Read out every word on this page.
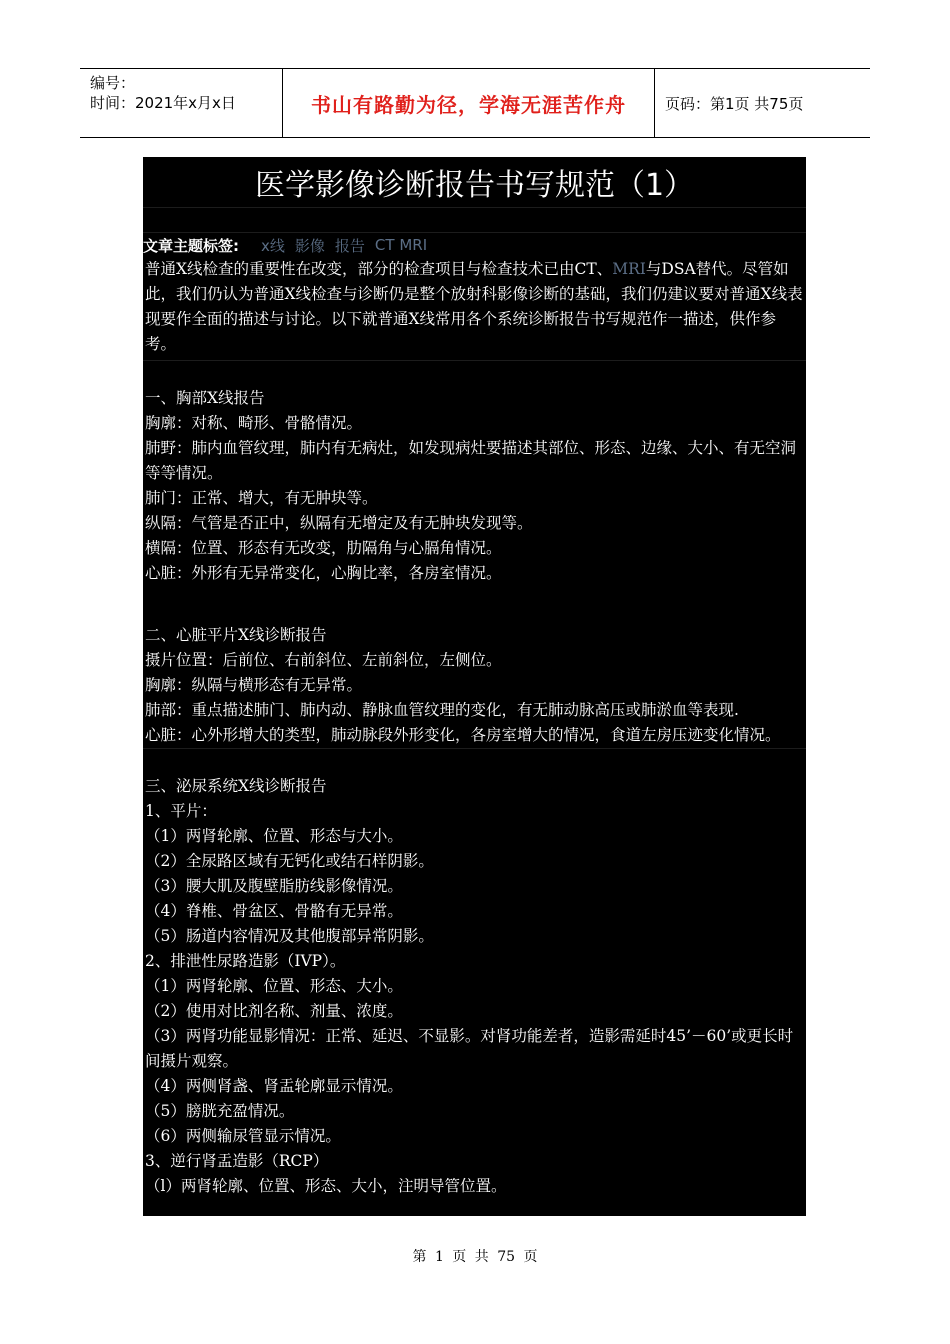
编号：
时间：2021年x月x日	书山有路勤为径，学海无涯苦作舟	页码：第1页 共75页
医学影像诊断报告书写规范（1）
文章主题标签: x线 影像 报告 CT MRI
普通X线检查的重要性在改变，部分的检查项目与检查技术已由CT、MRI与DSA替代。尽管如此，我们仍认为普通X线检查与诊断仍是整个放射科影像诊断的基础，我们仍建议要对普通X线表现要作全面的描述与讨论。以下就普通X线常用各个系统诊断报告书写规范作一描述，供作参考。
一、胸部X线报告
胸廓：对称、畸形、骨骼情况。
肺野：肺内血管纹理，肺内有无病灶，如发现病灶要描述其部位、形态、边缘、大小、有无空洞等等情况。
肺门：正常、增大，有无肿块等。
纵隔：气管是否正中，纵隔有无增定及有无肿块发现等。
横隔：位置、形态有无改变，肋隔角与心膈角情况。
心脏：外形有无异常变化，心胸比率，各房室情况。
二、心脏平片X线诊断报告
摄片位置：后前位、右前斜位、左前斜位，左侧位。
胸廓：纵隔与横形态有无异常。
肺部：重点描述肺门、肺内动、静脉血管纹理的变化，有无肺动脉高压或肺淤血等表现.
心脏：心外形增大的类型，肺动脉段外形变化，各房室增大的情况，食道左房压迹变化情况。
三、泌尿系统X线诊断报告
1、平片：
（1）两肾轮廓、位置、形态与大小。
（2）全尿路区域有无钙化或结石样阴影。
（3）腰大肌及腹壁脂肪线影像情况。
（4）脊椎、骨盆区、骨骼有无异常。
（5）肠道内容情况及其他腹部异常阴影。
2、排泄性尿路造影（IVP）。
（1）两肾轮廓、位置、形态、大小。
（2）使用对比剂名称、剂量、浓度。
（3）两肾功能显影情况：正常、延迟、不显影。对肾功能差者，造影需延时45’－60’或更长时间摄片观察。
（4）两侧肾盏、肾盂轮廓显示情况。
（5）膀胱充盈情况。
（6）两侧输尿管显示情况。
3、逆行肾盂造影（RCP）
（l）两肾轮廓、位置、形态、大小，注明导管位置。
第 1 页 共 75 页
